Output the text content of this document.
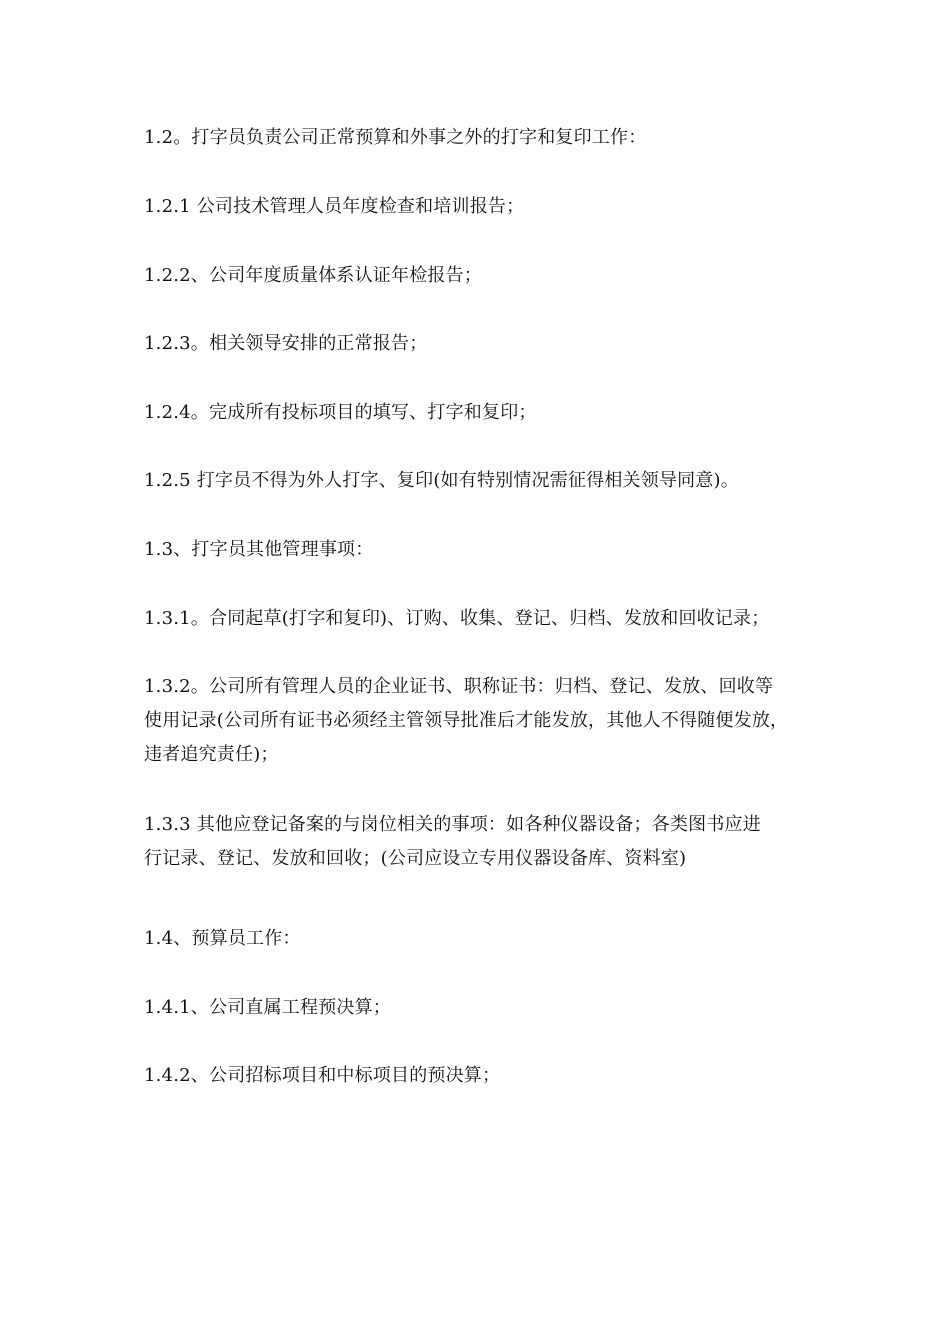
1.2。打字员负责公司正常预算和外事之外的打字和复印工作：
1.2.1 公司技术管理人员年度检查和培训报告；
1.2.2、公司年度质量体系认证年检报告；
1.2.3。相关领导安排的正常报告；
1.2.4。完成所有投标项目的填写、打字和复印；
1.2.5 打字员不得为外人打字、复印(如有特别情况需征得相关领导同意)。
1.3、打字员其他管理事项：
1.3.1。合同起草(打字和复印)、订购、收集、登记、归档、发放和回收记录；
1.3.2。公司所有管理人员的企业证书、职称证书：归档、登记、发放、回收等
使用记录(公司所有证书必须经主管领导批准后才能发放，其他人不得随便发放，
违者追究责任)；
1.3.3 其他应登记备案的与岗位相关的事项：如各种仪器设备；各类图书应进
行记录、登记、发放和回收；(公司应设立专用仪器设备库、资料室)
1.4、预算员工作：
1.4.1、公司直属工程预决算；
1.4.2、公司招标项目和中标项目的预决算；
